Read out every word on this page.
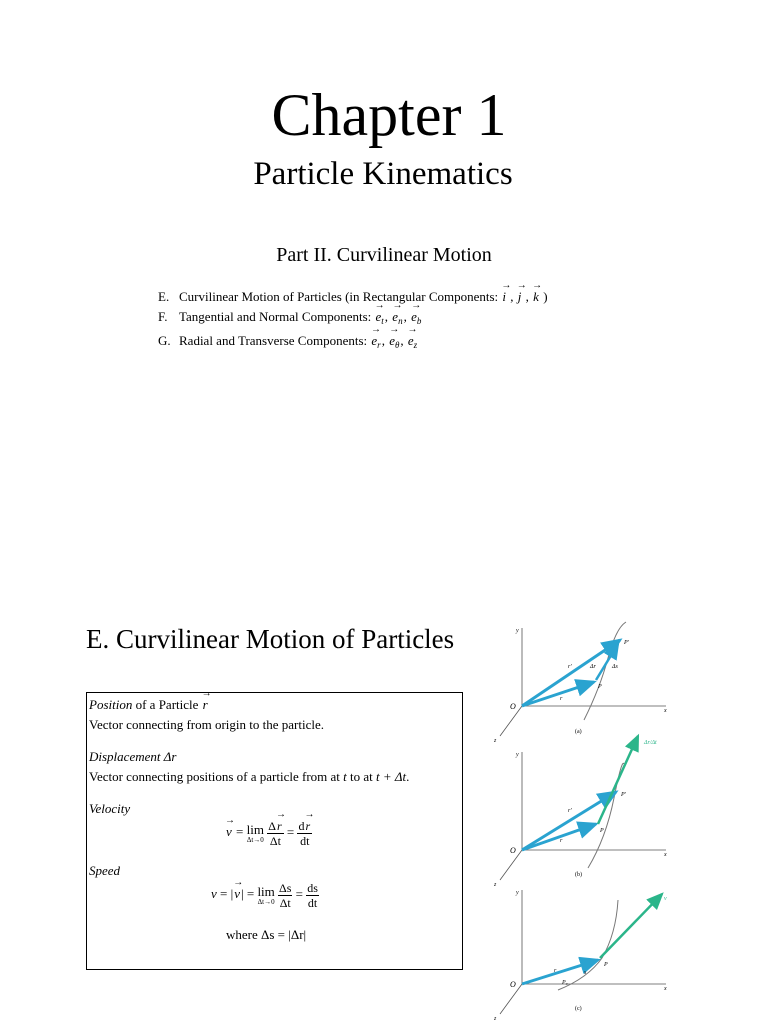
Chapter 1
Particle Kinematics
Part II. Curvilinear Motion
E. Curvilinear Motion of Particles (in Rectangular Components: → i , → j , → k )
F. Tangential and Normal Components: → $e_t$, → $e_n$, → $e_b$
G. Radial and Transverse Components: → $e_r$, → $e_\theta$, → $e_z$
E. Curvilinear Motion of Particles
Position of a Particle → r
Vector connecting from origin to the particle.
Displacement Δr
Vector connecting positions of a particle from at t to at t + Δt.
Velocity
→ v = lim
Δt→0
$\frac{\Delta\to r}{\Delta t} = \frac{d\to r}{dt}$
Speed
v = |→ v| = lim
Δt→0
$\frac{\Delta s}{\Delta t} = \frac{ds}{dt}$
where Δs = |Δr|
O
y
x
z
P
P′
r′
r
Δr	Δs
(a)
O
y
x
z
P
P′
r′
r
Δr/Δt
(b)
O
y
x
z
P
P₀
r	s
v
(c)
